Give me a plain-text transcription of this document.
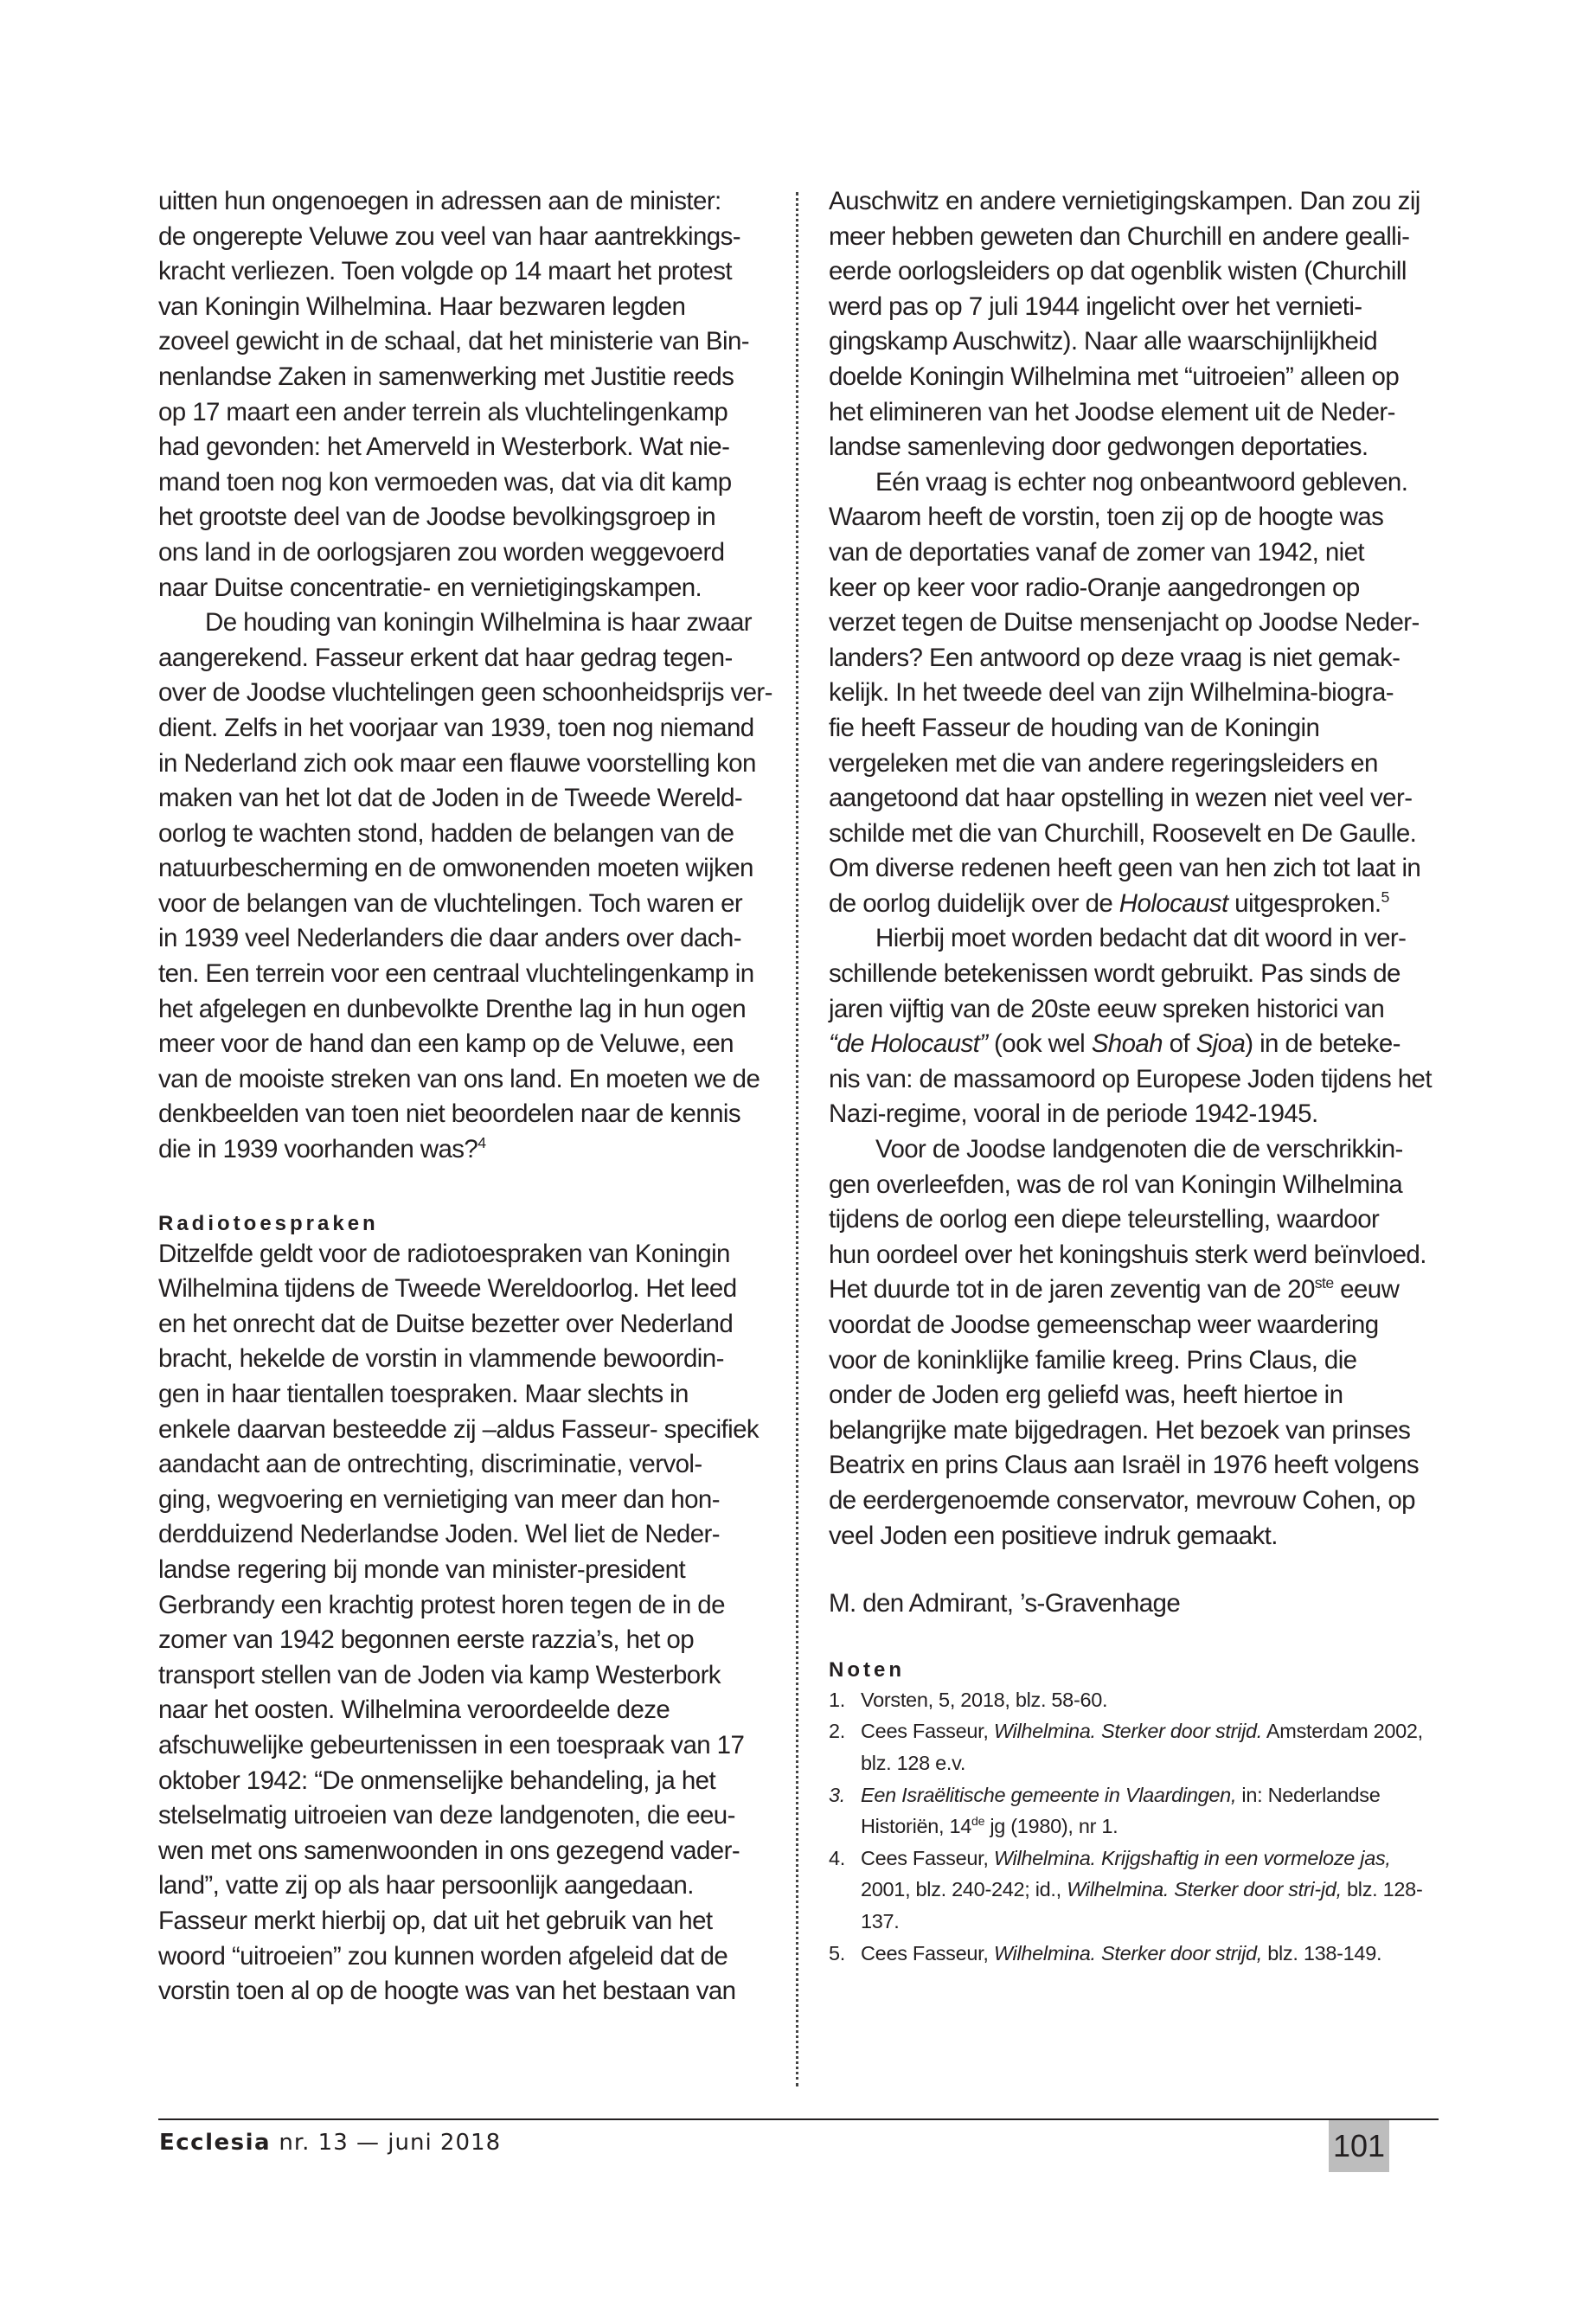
uitten hun ongenoegen in adressen aan de minister:
de ongerepte Veluwe zou veel van haar aantrekkings-
kracht verliezen. Toen volgde op 14 maart het protest
van Koningin Wilhelmina. Haar bezwaren legden
zoveel gewicht in de schaal, dat het ministerie van Bin-
nenlandse Zaken in samenwerking met Justitie reeds
op 17 maart een ander terrein als vluchtelingenkamp
had gevonden: het Amerveld in Westerbork. Wat nie-
mand toen nog kon vermoeden was, dat via dit kamp
het grootste deel van de Joodse bevolkingsgroep in
ons land in de oorlogsjaren zou worden weggevoerd
naar Duitse concentratie- en vernietigingskampen.

De houding van koningin Wilhelmina is haar zwaar
aangerekend. Fasseur erkent dat haar gedrag tegen-
over de Joodse vluchtelingen geen schoonheidsprijs ver-
dient. Zelfs in het voorjaar van 1939, toen nog niemand
in Nederland zich ook maar een flauwe voorstelling kon
maken van het lot dat de Joden in de Tweede Wereld-
oorlog te wachten stond, hadden de belangen van de
natuurbescherming en de omwonenden moeten wijken
voor de belangen van de vluchtelingen. Toch waren er
in 1939 veel Nederlanders die daar anders over dach-
ten. Een terrein voor een centraal vluchtelingenkamp in
het afgelegen en dunbevolkte Drenthe lag in hun ogen
meer voor de hand dan een kamp op de Veluwe, een
van de mooiste streken van ons land. En moeten we de
denkbeelden van toen niet beoordelen naar de kennis
die in 1939 voorhanden was?$^4$

Radiotoespraken

Ditzelfde geldt voor de radiotoespraken van Koningin
Wilhelmina tijdens de Tweede Wereldoorlog. Het leed
en het onrecht dat de Duitse bezetter over Nederland
bracht, hekelde de vorstin in vlammende bewoordin-
gen in haar tientallen toespraken. Maar slechts in
enkele daarvan besteedde zij –aldus Fasseur- specifiek
aandacht aan de ontrechting, discriminatie, vervol-
ging, wegvoering en vernietiging van meer dan hon-
derdduizend Nederlandse Joden. Wel liet de Neder-
landse regering bij monde van minister-president
Gerbrandy een krachtig protest horen tegen de in de
zomer van 1942 begonnen eerste razzia’s, het op
transport stellen van de Joden via kamp Westerbork
naar het oosten. Wilhelmina veroordeelde deze
afschuwelijke gebeurtenissen in een toespraak van 17
oktober 1942: “De onmenselijke behandeling, ja het
stelselmatig uitroeien van deze landgenoten, die eeu-
wen met ons samenwoonden in ons gezegend vader-
land”, vatte zij op als haar persoonlijk aangedaan.
Fasseur merkt hierbij op, dat uit het gebruik van het
woord “uitroeien” zou kunnen worden afgeleid dat de
vorstin toen al op de hoogte was van het bestaan van

Auschwitz en andere vernietigingskampen. Dan zou zij
meer hebben geweten dan Churchill en andere gealli-
eerde oorlogsleiders op dat ogenblik wisten (Churchill
werd pas op 7 juli 1944 ingelicht over het vernieti-
gingskamp Auschwitz). Naar alle waarschijnlijkheid
doelde Koningin Wilhelmina met “uitroeien” alleen op
het elimineren van het Joodse element uit de Neder-
landse samenleving door gedwongen deportaties.

Eén vraag is echter nog onbeantwoord gebleven.
Waarom heeft de vorstin, toen zij op de hoogte was
van de deportaties vanaf de zomer van 1942, niet
keer op keer voor radio-Oranje aangedrongen op
verzet tegen de Duitse mensenjacht op Joodse Neder-
landers? Een antwoord op deze vraag is niet gemak-
kelijk. In het tweede deel van zijn Wilhelmina-biogra-
fie heeft Fasseur de houding van de Koningin
vergeleken met die van andere regeringsleiders en
aangetoond dat haar opstelling in wezen niet veel ver-
schilde met die van Churchill, Roosevelt en De Gaulle.
Om diverse redenen heeft geen van hen zich tot laat in
de oorlog duidelijk over de Holocaust uitgesproken.$^5$

Hierbij moet worden bedacht dat dit woord in ver-
schillende betekenissen wordt gebruikt. Pas sinds de
jaren vijftig van de 20ste eeuw spreken historici van
“de Holocaust” (ook wel Shoah of Sjoa) in de beteke-
nis van: de massamoord op Europese Joden tijdens het
Nazi-regime, vooral in de periode 1942-1945.

Voor de Joodse landgenoten die de verschrikkin-
gen overleefden, was de rol van Koningin Wilhelmina
tijdens de oorlog een diepe teleurstelling, waardoor
hun oordeel over het koningshuis sterk werd beïnvloed.
Het duurde tot in de jaren zeventig van de 20ste eeuw
voordat de Joodse gemeenschap weer waardering
voor de koninklijke familie kreeg. Prins Claus, die
onder de Joden erg geliefd was, heeft hiertoe in
belangrijke mate bijgedragen. Het bezoek van prinses
Beatrix en prins Claus aan Israël in 1976 heeft volgens
de eerdergenoemde conservator, mevrouw Cohen, op
veel Joden een positieve indruk gemaakt.

M. den Admirant, ’s-Gravenhage

Noten

1. Vorsten, 5, 2018, blz. 58-60.
2. Cees Fasseur, Wilhelmina. Sterker door strijd. Amsterdam 2002, blz. 128 e.v.
3. Een Israëlitische gemeente in Vlaardingen, in: Nederlandse Historiën, 14de jg (1980), nr 1.
4. Cees Fasseur, Wilhelmina. Krijgshaftig in een vormeloze jas, 2001, blz. 240-242; id., Wilhelmina. Sterker door stri-jd, blz. 128-137.
5. Cees Fasseur, Wilhelmina. Sterker door strijd, blz. 138-149.
Ecclesia nr. 13 — juni 2018	101
